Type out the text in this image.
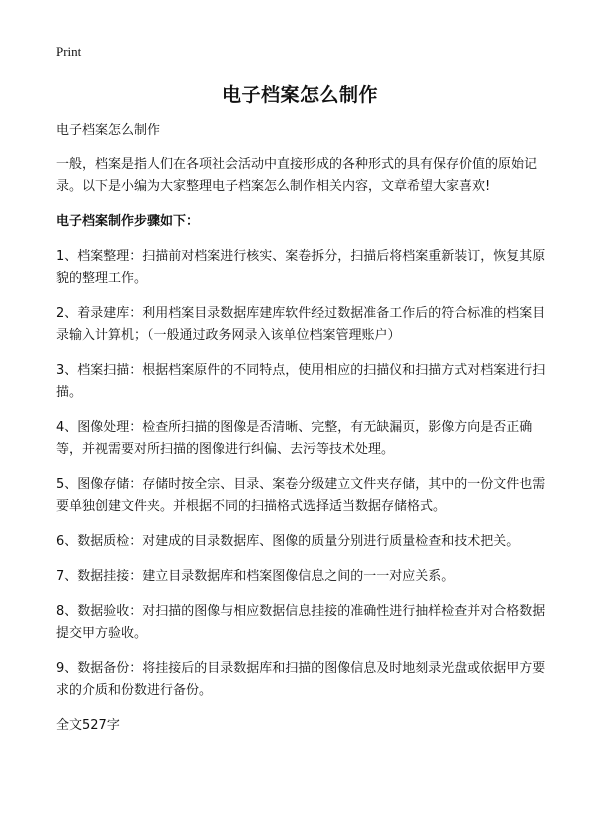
Print
电子档案怎么制作

电子档案怎么制作

一般，档案是指人们在各项社会活动中直接形成的各种形式的具有保存价值的原始记录。以下是小编为大家整理电子档案怎么制作相关内容，文章希望大家喜欢!

电子档案制作步骤如下：

1、档案整理：扫描前对档案进行核实、案卷拆分，扫描后将档案重新装订，恢复其原貌的整理工作。

2、着录建库：利用档案目录数据库建库软件经过数据准备工作后的符合标准的档案目录输入计算机；（一般通过政务网录入该单位档案管理账户）

3、档案扫描：根据档案原件的不同特点，使用相应的扫描仪和扫描方式对档案进行扫描。

4、图像处理：检查所扫描的图像是否清晰、完整，有无缺漏页，影像方向是否正确等，并视需要对所扫描的图像进行纠偏、去污等技术处理。

5、图像存储：存储时按全宗、目录、案卷分级建立文件夹存储，其中的一份文件也需要单独创建文件夹。并根据不同的扫描格式选择适当数据存储格式。

6、数据质检：对建成的目录数据库、图像的质量分别进行质量检查和技术把关。

7、数据挂接：建立目录数据库和档案图像信息之间的一一对应关系。

8、数据验收：对扫描的图像与相应数据信息挂接的准确性进行抽样检查并对合格数据提交甲方验收。

9、数据备份：将挂接后的目录数据库和扫描的图像信息及时地刻录光盘或依据甲方要求的介质和份数进行备份。

全文527字
